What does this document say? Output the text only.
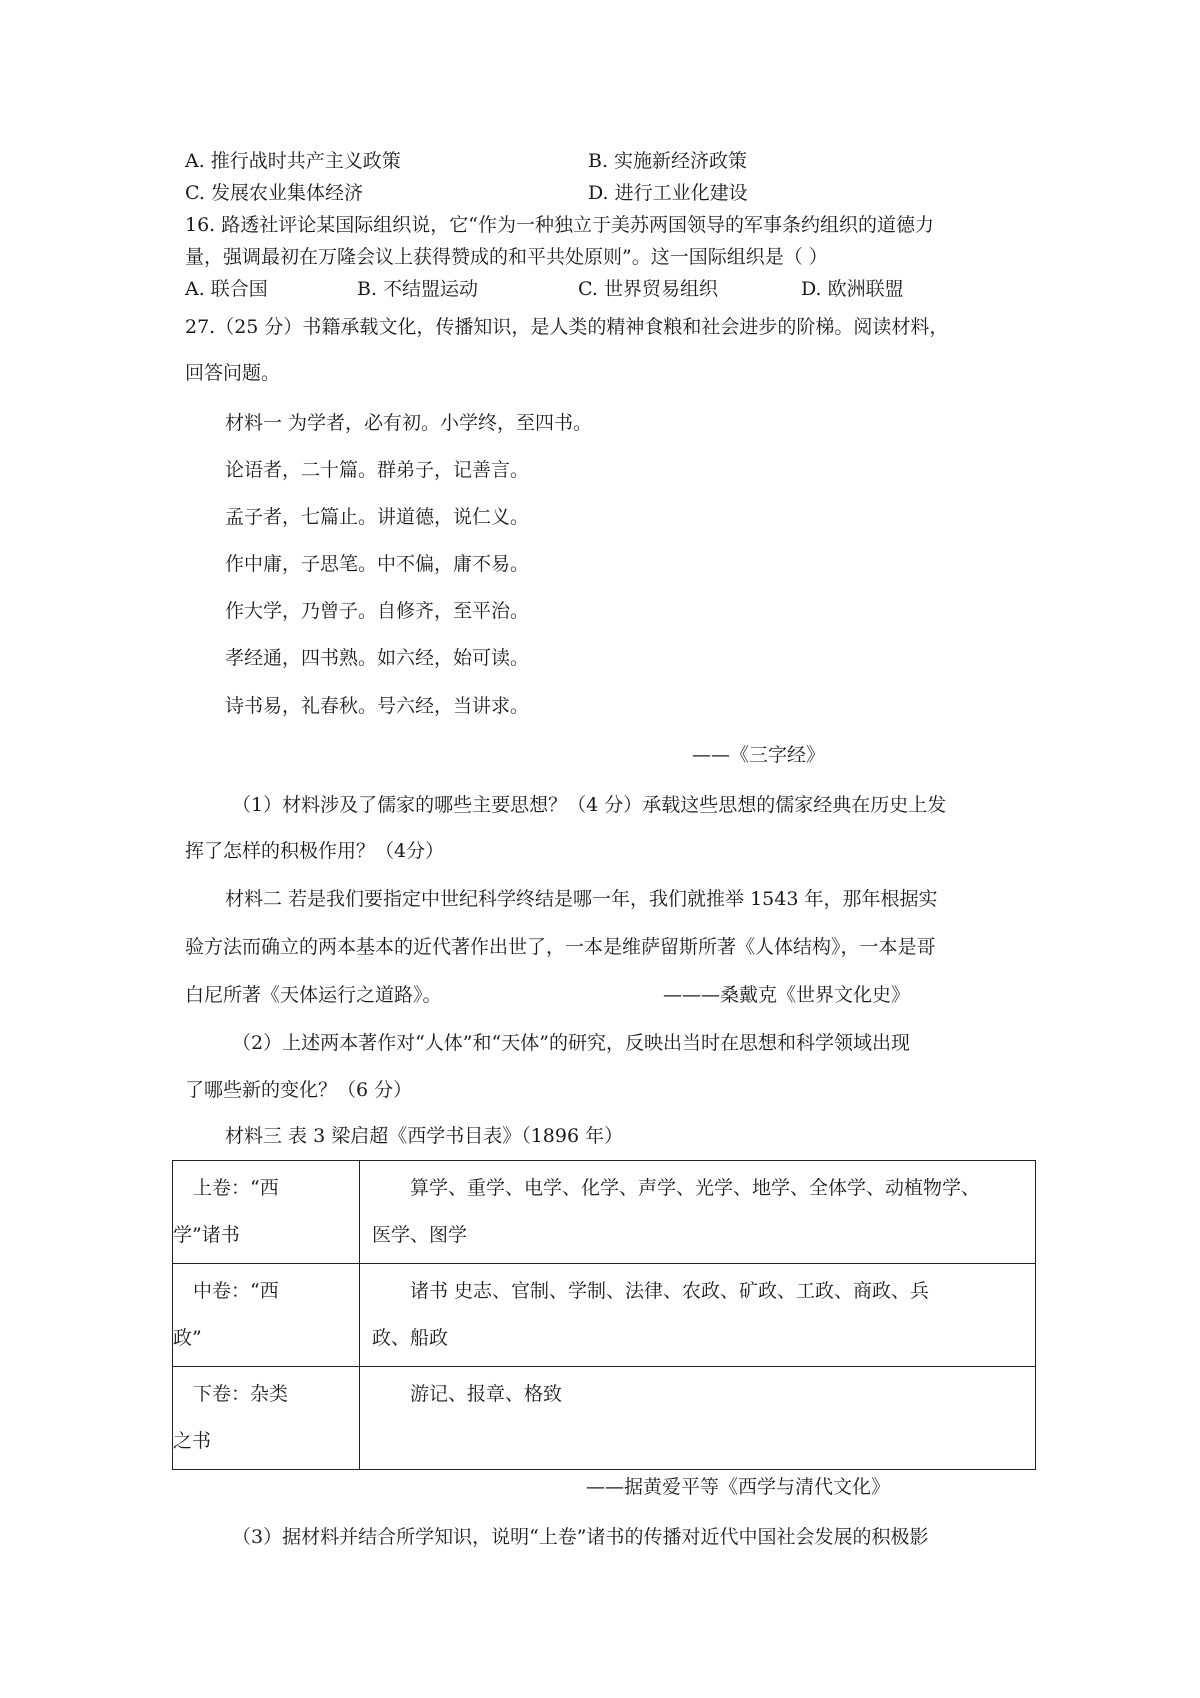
A. 推行战时共产主义政策	B. 实施新经济政策
C. 发展农业集体经济	D. 进行工业化建设
16. 路透社评论某国际组织说，它“作为一种独立于美苏两国领导的军事条约组织的道德力
量，强调最初在万隆会议上获得赞成的和平共处原则”。这一国际组织是（ ）
A. 联合国	B. 不结盟运动	C. 世界贸易组织	D. 欧洲联盟
27.（25 分）书籍承载文化，传播知识，是人类的精神食粮和社会进步的阶梯。阅读材料，
回答问题。
材料一 为学者，必有初。小学终，至四书。
论语者，二十篇。群弟子，记善言。
孟子者，七篇止。讲道德，说仁义。
作中庸，子思笔。中不偏，庸不易。
作大学，乃曾子。自修齐，至平治。
孝经通，四书熟。如六经，始可读。
诗书易，礼春秋。号六经，当讲求。
——《三字经》
（1）材料涉及了儒家的哪些主要思想？（4 分）承载这些思想的儒家经典在历史上发
挥了怎样的积极作用？（4分）
材料二 若是我们要指定中世纪科学终结是哪一年，我们就推举 1543 年，那年根据实
验方法而确立的两本基本的近代著作出世了，一本是维萨留斯所著《人体结构》，一本是哥
白尼所著《天体运行之道路》。	———桑戴克《世界文化史》
（2）上述两本著作对“人体”和“天体”的研究，反映出当时在思想和科学领域出现
了哪些新的变化？（6 分）
材料三 表 3 梁启超《西学书目表》（1896 年）
上卷：“西
学”诸书	算学、重学、电学、化学、声学、光学、地学、全体学、动植物学、
医学、图学
中卷：“西
政”	诸书 史志、官制、学制、法律、农政、矿政、工政、商政、兵
政、船政
下卷：杂类
之书	游记、报章、格致

——据黄爱平等《西学与清代文化》
（3）据材料并结合所学知识，说明“上卷”诸书的传播对近代中国社会发展的积极影
